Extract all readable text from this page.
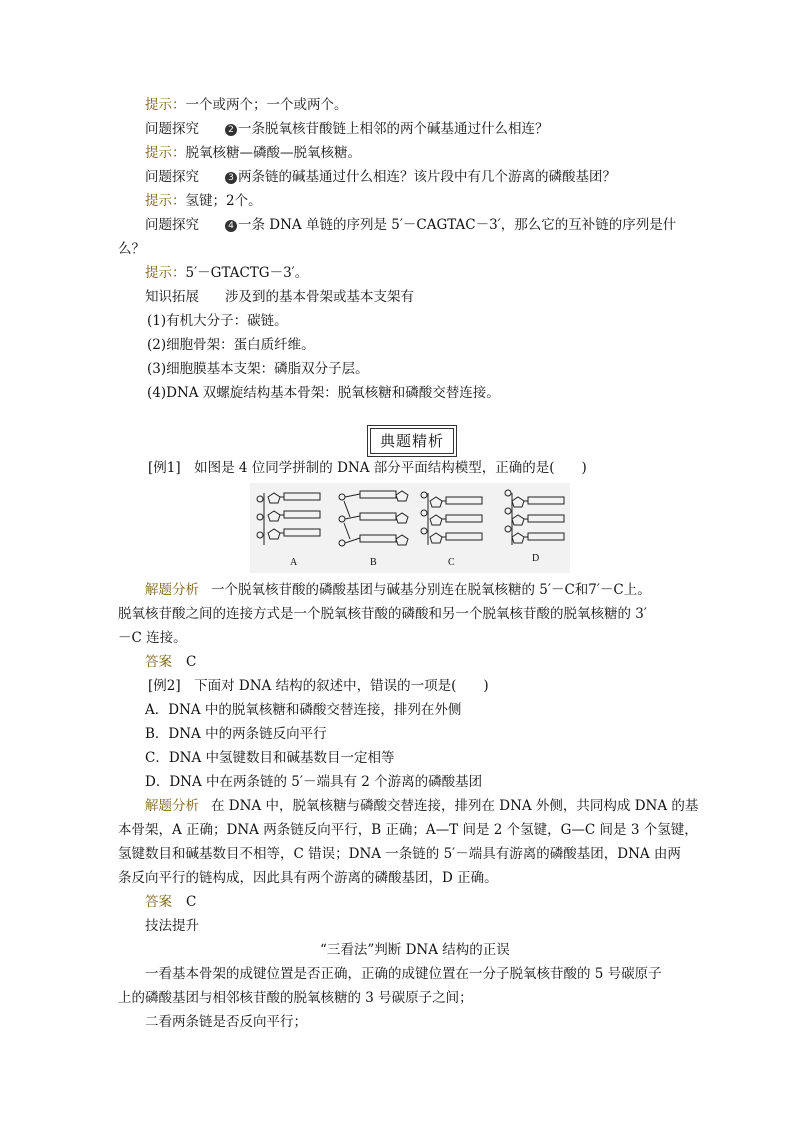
提示：一个或两个；一个或两个。
问题探究	2 一条脱氧核苷酸链上相邻的两个碱基通过什么相连？
提示：脱氧核糖—磷酸—脱氧核糖。
问题探究	3 两条链的碱基通过什么相连？该片段中有几个游离的磷酸基团？
提示：氢键；2个。
问题探究	4 一条 DNA 单链的序列是 5′－CAGTAC－3′，那么它的互补链的序列是什
么？
提示：5′－GTACTG－3′。
知识拓展 涉及到的基本骨架或基本支架有
(1)有机大分子：碳链。
(2)细胞骨架：蛋白质纤维。
(3)细胞膜基本支架：磷脂双分子层。
(4)DNA 双螺旋结构基本骨架：脱氧核糖和磷酸交替连接。
典题精析
[例1]　如图是 4 位同学拼制的 DNA 部分平面结构模型，正确的是(　　)
A	B	C	D
解题分析 一个脱氧核苷酸的磷酸基团与碱基分别连在脱氧核糖的 5′－C和7′－C上。
脱氧核苷酸之间的连接方式是一个脱氧核苷酸的磷酸和另一个脱氧核苷酸的脱氧核糖的 3′
－C 连接。
答案 C
[例2]　下面对 DNA 结构的叙述中，错误的一项是(　　)
A．DNA 中的脱氧核糖和磷酸交替连接，排列在外侧
B．DNA 中的两条链反向平行
C．DNA 中氢键数目和碱基数目一定相等
D．DNA 中在两条链的 5′－端具有 2 个游离的磷酸基团
解题分析 在 DNA 中，脱氧核糖与磷酸交替连接，排列在 DNA 外侧，共同构成 DNA 的基
本骨架，A 正确；DNA 两条链反向平行，B 正确；A—T 间是 2 个氢键，G—C 间是 3 个氢键，
氢键数目和碱基数目不相等，C 错误；DNA 一条链的 5′－端具有游离的磷酸基团，DNA 由两
条反向平行的链构成，因此具有两个游离的磷酸基团，D 正确。
答案 C
技法提升
“三看法”判断 DNA 结构的正误
一看基本骨架的成键位置是否正确，正确的成键位置在一分子脱氧核苷酸的 5 号碳原子
上的磷酸基团与相邻核苷酸的脱氧核糖的 3 号碳原子之间；
二看两条链是否反向平行；
